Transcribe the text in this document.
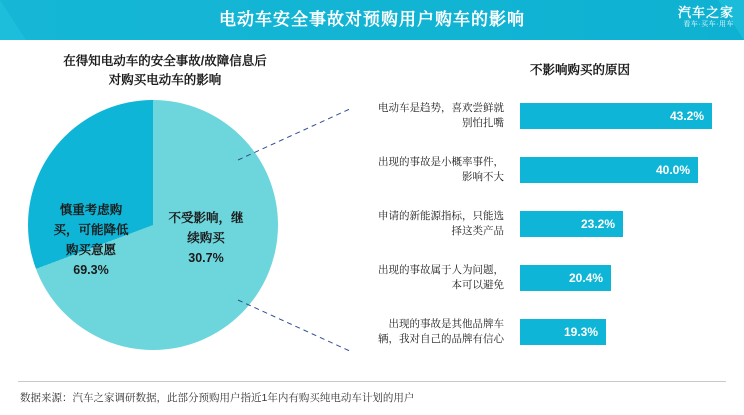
电动车安全事故对预购用户购车的影响	汽车之家
看车·买车·用车
在得知电动车的安全事故/故障信息后
对购买电动车的影响
慎重考虑购
买，可能降低
购买意愿
69.3%
不受影响，继
续购买
30.7%
不影响购买的原因
电动车是趋势，喜欢尝鲜就
别怕扎嘴	43.2%
出现的事故是小概率事件，
影响不大	40.0%
申请的新能源指标，只能选
择这类产品	23.2%
出现的事故属于人为问题，
本可以避免	20.4%
出现的事故是其他品牌车
辆，我对自己的品牌有信心	19.3%
数据来源：汽车之家调研数据，此部分预购用户指近1年内有购买纯电动车计划的用户
